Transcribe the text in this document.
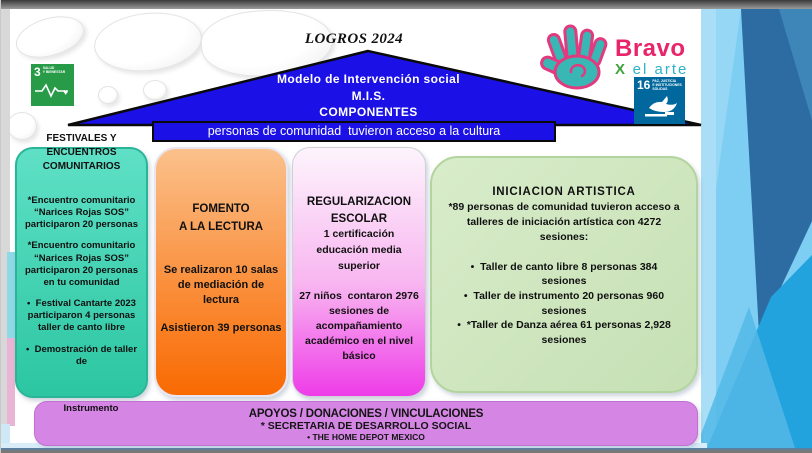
LOGROS 2024
3 SALUD
Y BIENESTAR
♥
Modelo de Intervención social
M.I.S.
COMPONENTES
16 PAZ, JUSTICIA
E INSTITUCIONES
SÓLIDAS
Bravo
X el arte
personas de comunidad  tuvieron acceso a la cultura
FESTIVALES Y ENCUENTROS COMUNITARIOS
*Encuentro comunitario “Narices Rojas SOS” participaron 20 personas
*Encuentro comunitario “Narices Rojas SOS” participaron 20 personas  en tu comunidad
•  Festival Cantarte 2023 participaron 4 personas taller de canto libre
•  Demostración de taller de
FOMENTO
A LA LECTURA
Se realizaron 10 salas de mediación de lectura
Asistieron 39 personas
REGULARIZACION
ESCOLAR
1 certificación educación media superior
27 niños  contaron 2976 sesiones de acompañamiento académico en el nivel básico
INICIACION ARTISTICA
*89 personas de comunidad tuvieron acceso a talleres de iniciación artística con 4272 sesiones:
•  Taller de canto libre 8 personas 384 sesiones
•  Taller de instrumento 20 personas 960 sesiones
•  *Taller de Danza aérea 61 personas 2,928 sesiones
APOYOS / DONACIONES / VINCULACIONES
* SECRETARIA DE DESARROLLO SOCIAL
• THE HOME DEPOT MEXICO
Instrumento
